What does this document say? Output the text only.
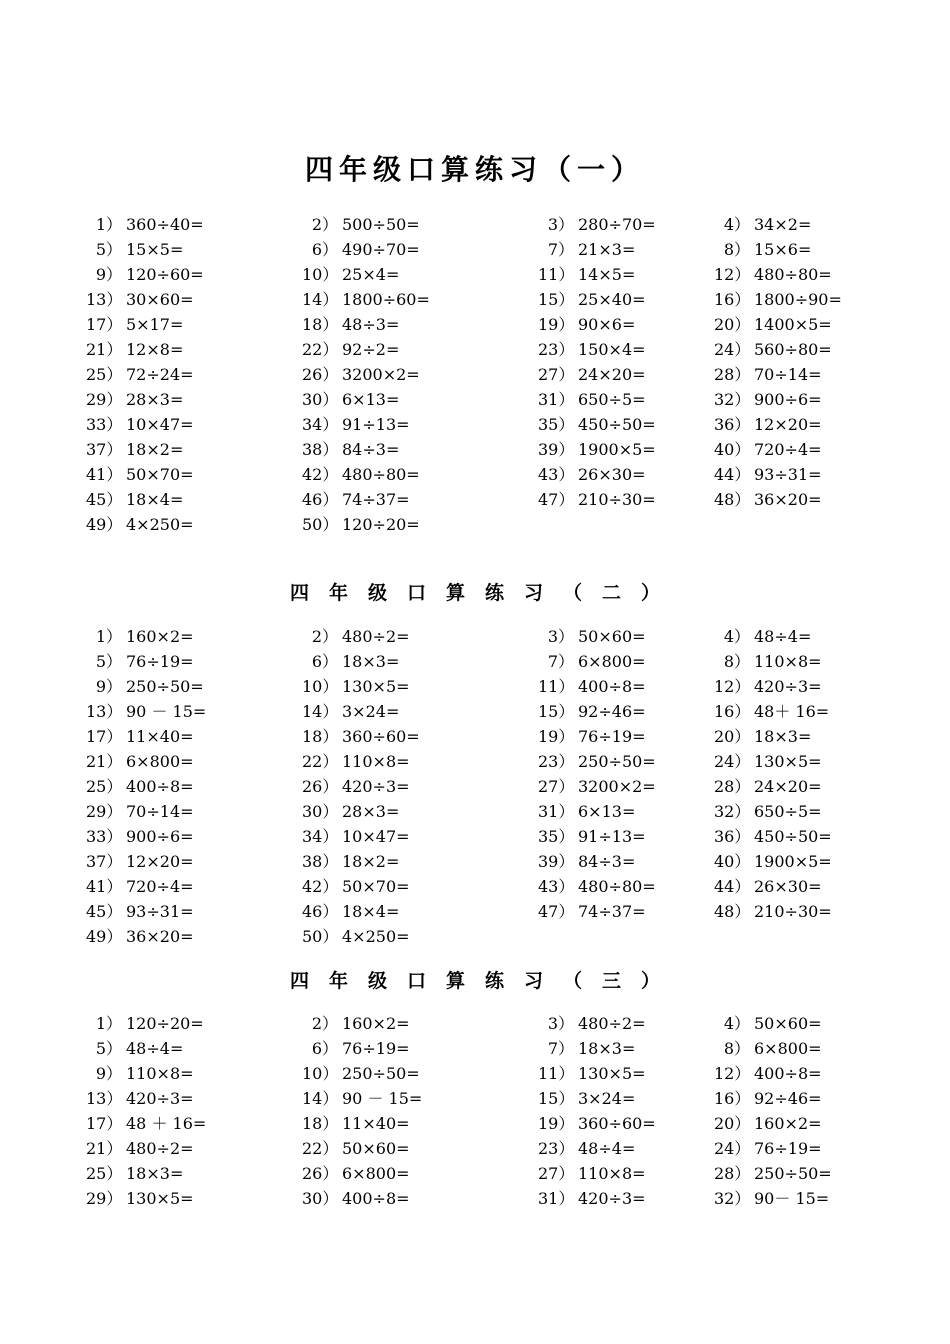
四年级口算练习（一）
1） 360÷40=	2） 500÷50=	3） 280÷70=	4） 34×2=
5） 15×5=	6） 490÷70=	7） 21×3=	8） 15×6=
9） 120÷60=	10） 25×4=	11） 14×5=	12） 480÷80=
13） 30×60=	14） 1800÷60=	15） 25×40=	16） 1800÷90=
17） 5×17=	18） 48÷3=	19） 90×6=	20） 1400×5=
21） 12×8=	22） 92÷2=	23） 150×4=	24） 560÷80=
25） 72÷24=	26） 3200×2=	27） 24×20=	28） 70÷14=
29） 28×3=	30） 6×13=	31） 650÷5=	32） 900÷6=
33） 10×47=	34） 91÷13=	35） 450÷50=	36） 12×20=
37） 18×2=	38） 84÷3=	39） 1900×5=	40） 720÷4=
41） 50×70=	42） 480÷80=	43） 26×30=	44） 93÷31=
45） 18×4=	46） 74÷37=	47） 210÷30=	48） 36×20=
49） 4×250=	50） 120÷20=
四年级口算练习（二）
1） 160×2=	2） 480÷2=	3） 50×60=	4） 48÷4=
5） 76÷19=	6） 18×3=	7） 6×800=	8） 110×8=
9） 250÷50=	10） 130×5=	11） 400÷8=	12） 420÷3=
13） 90 － 15=	14） 3×24=	15） 92÷46=	16） 48＋ 16=
17） 11×40=	18） 360÷60=	19） 76÷19=	20） 18×3=
21） 6×800=	22） 110×8=	23） 250÷50=	24） 130×5=
25） 400÷8=	26） 420÷3=	27） 3200×2=	28） 24×20=
29） 70÷14=	30） 28×3=	31） 6×13=	32） 650÷5=
33） 900÷6=	34） 10×47=	35） 91÷13=	36） 450÷50=
37） 12×20=	38） 18×2=	39） 84÷3=	40） 1900×5=
41） 720÷4=	42） 50×70=	43） 480÷80=	44） 26×30=
45） 93÷31=	46） 18×4=	47） 74÷37=	48） 210÷30=
49） 36×20=	50） 4×250=
四年级口算练习（三）
1） 120÷20=	2） 160×2=	3） 480÷2=	4） 50×60=
5） 48÷4=	6） 76÷19=	7） 18×3=	8） 6×800=
9） 110×8=	10） 250÷50=	11） 130×5=	12） 400÷8=
13） 420÷3=	14） 90 － 15=	15） 3×24=	16） 92÷46=
17） 48 ＋ 16=	18） 11×40=	19） 360÷60=	20） 160×2=
21） 480÷2=	22） 50×60=	23） 48÷4=	24） 76÷19=
25） 18×3=	26） 6×800=	27） 110×8=	28） 250÷50=
29） 130×5=	30） 400÷8=	31） 420÷3=	32） 90－ 15=
